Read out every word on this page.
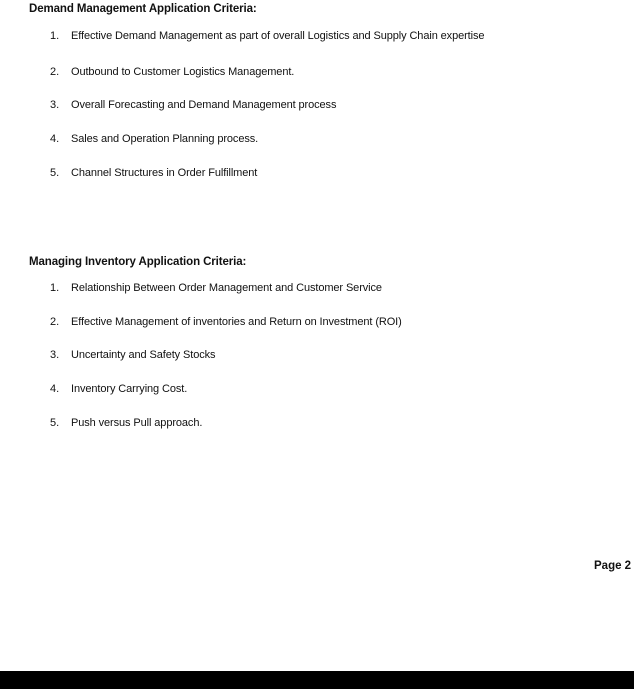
Demand Management Application Criteria:
1.	Effective Demand Management as part of overall Logistics and Supply Chain expertise
2.	Outbound to Customer Logistics Management.
3.	Overall Forecasting and Demand Management process
4.	Sales and Operation Planning process.
5.	Channel Structures in Order Fulfillment
Managing Inventory Application Criteria:
1.	Relationship Between Order Management and Customer Service
2.	Effective Management of inventories and Return on Investment (ROI)
3.	Uncertainty and Safety Stocks
4.	Inventory Carrying Cost.
5.	Push versus Pull approach.
Page 2
